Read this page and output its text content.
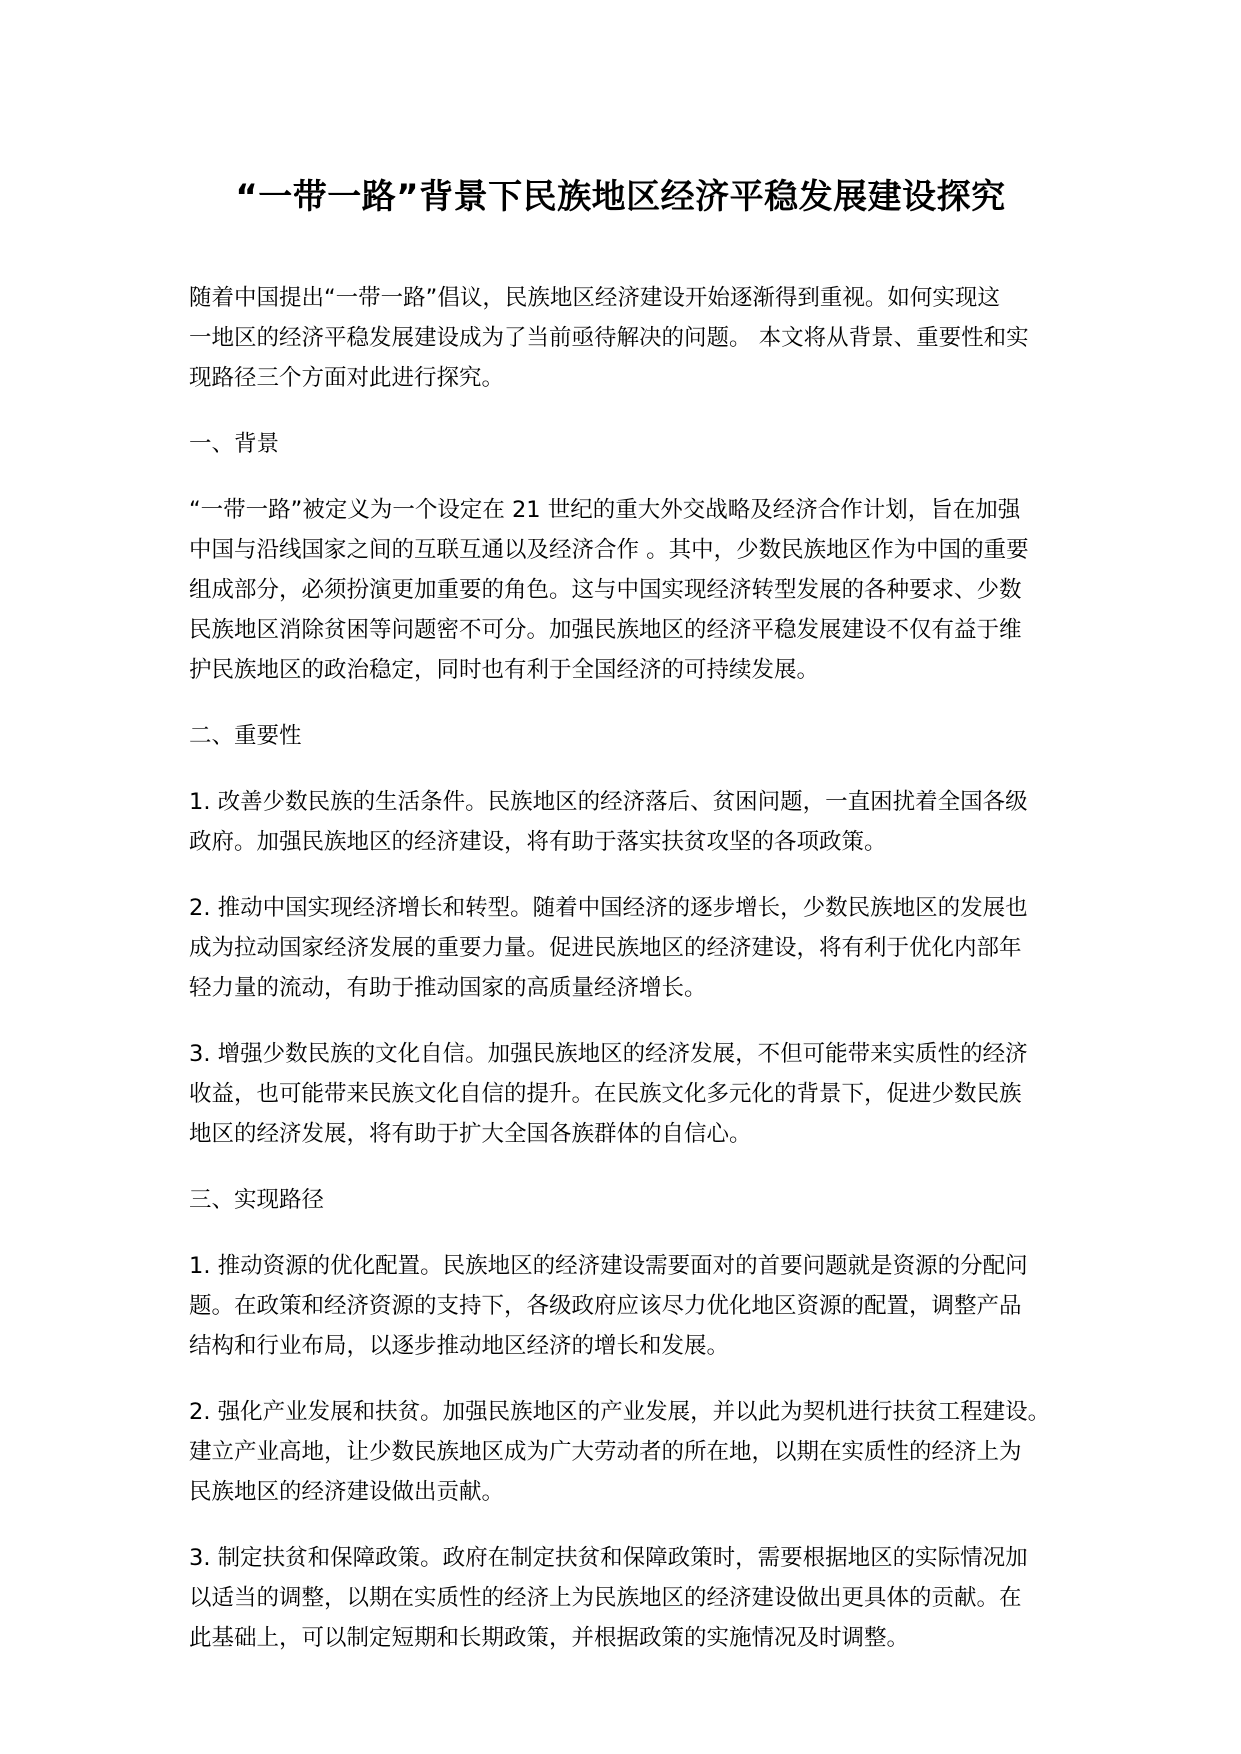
“一带一路”背景下民族地区经济平稳发展建设探究

随着中国提出“一带一路”倡议，民族地区经济建设开始逐渐得到重视。如何实现这
一地区的经济平稳发展建设成为了当前亟待解决的问题。 本文将从背景、重要性和实
现路径三个方面对此进行探究。

一、背景

“一带一路”被定义为一个设定在 21 世纪的重大外交战略及经济合作计划，旨在加强
中国与沿线国家之间的互联互通以及经济合作 。其中，少数民族地区作为中国的重要
组成部分，必须扮演更加重要的角色。这与中国实现经济转型发展的各种要求、少数
民族地区消除贫困等问题密不可分。加强民族地区的经济平稳发展建设不仅有益于维
护民族地区的政治稳定，同时也有利于全国经济的可持续发展。

二、重要性

1. 改善少数民族的生活条件。民族地区的经济落后、贫困问题，一直困扰着全国各级
政府。加强民族地区的经济建设，将有助于落实扶贫攻坚的各项政策。

2. 推动中国实现经济增长和转型。随着中国经济的逐步增长，少数民族地区的发展也
成为拉动国家经济发展的重要力量。促进民族地区的经济建设，将有利于优化内部年
轻力量的流动，有助于推动国家的高质量经济增长。

3. 增强少数民族的文化自信。加强民族地区的经济发展，不但可能带来实质性的经济
收益，也可能带来民族文化自信的提升。在民族文化多元化的背景下，促进少数民族
地区的经济发展，将有助于扩大全国各族群体的自信心。

三、实现路径

1. 推动资源的优化配置。民族地区的经济建设需要面对的首要问题就是资源的分配问
题。在政策和经济资源的支持下，各级政府应该尽力优化地区资源的配置，调整产品
结构和行业布局，以逐步推动地区经济的增长和发展。

2. 强化产业发展和扶贫。加强民族地区的产业发展，并以此为契机进行扶贫工程建设。
建立产业高地，让少数民族地区成为广大劳动者的所在地，以期在实质性的经济上为
民族地区的经济建设做出贡献。

3. 制定扶贫和保障政策。政府在制定扶贫和保障政策时，需要根据地区的实际情况加
以适当的调整，以期在实质性的经济上为民族地区的经济建设做出更具体的贡献。在
此基础上，可以制定短期和长期政策，并根据政策的实施情况及时调整。
